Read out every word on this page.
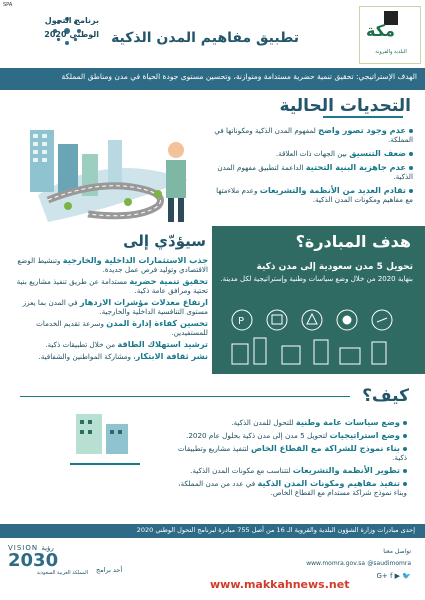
SPA
برنامج التحول
الوطني 2020 تطبيق مفاهيم المدن الذكية	مكة
البلدية والقروية
الهدف الإستراتيجي: تحقيق تنمية حضرية مستدامة ومتوازنة، وتحسين مستوى جودة الحياة في مدن ومناطق المملكة
التحديات الحالية
عدم وجود تصور واضح لمفهوم المدن الذكية ومكوناتها في المملكة.
ضعف التنسيق بين الجهات ذات العلاقة.
عدم جاهزية البنية التحتية الداعمة لتطبيق مفهوم المدن الذكية.
تقادم العديد من الأنظمة والتشريعات وعدم ملاءمتها مع مفاهيم ومكونات المدن الذكية.
هدف المبادرة؟
تحويل 5 مدن سعودية إلى مدن ذكية
بنهاية 2020 من خلال وضع سياسات وطنية وإستراتيجية لكل مدينة.
P
سيؤدّي إلى
جذب الاستثمارات الداخلية والخارجية وتنشيط الوضع الاقتصادي وتوليد فرص عمل جديدة.
تحقيق تنمية حضرية مستدامة عن طريق تنفيذ مشاريع بنية تحتية ومرافق عامة ذكية.
ارتفاع معدلات مؤشرات الازدهار في المدن بما يعزز مستوى التنافسية الداخلية والخارجية.
تحسين كفاءة إدارة المدن وسرعة تقديم الخدمات للمستفيدين.
ترشيد استهلاك الطاقة من خلال تطبيقات ذكية.
نشر ثقافة الابتكار، ومشاركة المواطنين والشفافية.
كيف؟
وضع سياسات عامة وطنية للتحول للمدن الذكية.
وضع استراتيجيات لتحويل 5 مدن إلى مدن ذكية بحلول عام 2020.
بناء نموذج للشراكة مع القطاع الخاص لتنفيذ مشاريع وتطبيقات ذكية.
تطوير الأنظمة والتشريعات لتتناسب مع مكونات المدن الذكية.
تنفيذ مفاهيم ومكونات المدن الذكية في عدد من مدن المملكة، وبناء نموذج شراكة مستدام مع القطاع الخاص.
إحدى مبادرات وزارة الشؤون البلدية والقروية الـ 16 من أصل 755 مبادرة لبرنامج التحول الوطني 2020
تواصل معنا
@saudimomra
www.momra.gov.sa
G+ f ▶ 🐦
أحد برامج
VISION رؤية
2030
المملكة العربية السعودية
www.makkahnews.net
